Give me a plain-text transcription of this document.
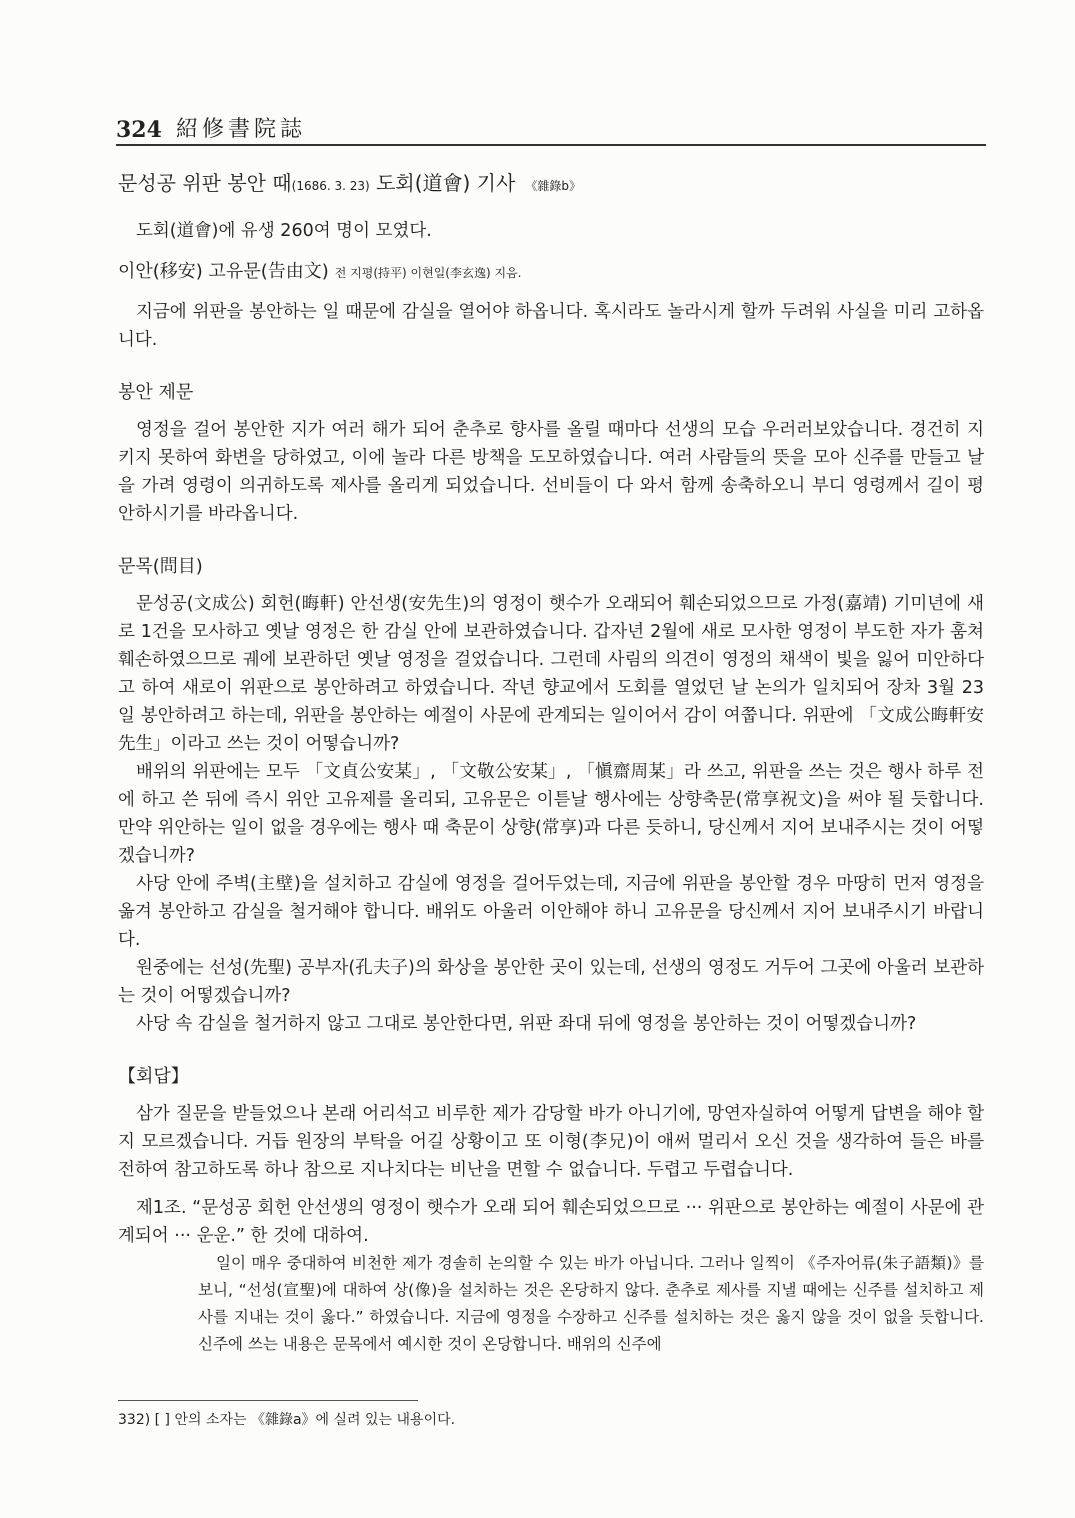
324 紹修書院誌
문성공 위판 봉안 때(1686. 3. 23) 도회(道會) 기사 《雜錄b》

도회(道會)에 유생 260여 명이 모였다.

이안(移安) 고유문(告由文) 전 지평(持平) 이현일(李玄逸) 지음.

지금에 위판을 봉안하는 일 때문에 감실을 열어야 하옵니다. 혹시라도 놀라시게 할까 두려워 사실을 미리 고하옵니다.

봉안 제문

영정을 걸어 봉안한 지가 여러 해가 되어 춘추로 향사를 올릴 때마다 선생의 모습 우러러보았습니다. 경건히 지키지 못하여 화변을 당하였고, 이에 놀라 다른 방책을 도모하였습니다. 여러 사람들의 뜻을 모아 신주를 만들고 날을 가려 영령이 의귀하도록 제사를 올리게 되었습니다. 선비들이 다 와서 함께 송축하오니 부디 영령께서 길이 평안하시기를 바라옵니다.

문목(問目)

문성공(文成公) 회헌(晦軒) 안선생(安先生)의 영정이 햇수가 오래되어 훼손되었으므로 가정(嘉靖) 기미년에 새로 1건을 모사하고 옛날 영정은 한 감실 안에 보관하였습니다. 갑자년 2월에 새로 모사한 영정이 부도한 자가 훔쳐 훼손하였으므로 궤에 보관하던 옛날 영정을 걸었습니다. 그런데 사림의 의견이 영정의 채색이 빛을 잃어 미안하다고 하여 새로이 위판으로 봉안하려고 하였습니다. 작년 향교에서 도회를 열었던 날 논의가 일치되어 장차 3월 23일 봉안하려고 하는데, 위판을 봉안하는 예절이 사문에 관계되는 일이어서 감이 여쭙니다. 위판에 「文成公晦軒安先生」이라고 쓰는 것이 어떻습니까?

배위의 위판에는 모두 「文貞公安某」, 「文敬公安某」, 「愼齋周某」라 쓰고, 위판을 쓰는 것은 행사 하루 전에 하고 쓴 뒤에 즉시 위안 고유제를 올리되, 고유문은 이튿날 행사에는 상향축문(常享祝文)을 써야 될 듯합니다. 만약 위안하는 일이 없을 경우에는 행사 때 축문이 상향(常享)과 다른 듯하니, 당신께서 지어 보내주시는 것이 어떻겠습니까?

사당 안에 주벽(主壁)을 설치하고 감실에 영정을 걸어두었는데, 지금에 위판을 봉안할 경우 마땅히 먼저 영정을 옮겨 봉안하고 감실을 철거해야 합니다. 배위도 아울러 이안해야 하니 고유문을 당신께서 지어 보내주시기 바랍니다.

원중에는 선성(先聖) 공부자(孔夫子)의 화상을 봉안한 곳이 있는데, 선생의 영정도 거두어 그곳에 아울러 보관하는 것이 어떻겠습니까?

사당 속 감실을 철거하지 않고 그대로 봉안한다면, 위판 좌대 뒤에 영정을 봉안하는 것이 어떻겠습니까?

【회답】

삼가 질문을 받들었으나 본래 어리석고 비루한 제가 감당할 바가 아니기에, 망연자실하여 어떻게 답변을 해야 할지 모르겠습니다. 거듭 원장의 부탁을 어길 상황이고 또 이형(李兄)이 애써 멀리서 오신 것을 생각하여 들은 바를 전하여 참고하도록 하나 참으로 지나치다는 비난을 면할 수 없습니다. 두렵고 두렵습니다.

제1조. “문성공 회헌 안선생의 영정이 햇수가 오래 되어 훼손되었으므로 ··· 위판으로 봉안하는 예절이 사문에 관계되어 ··· 운운.” 한 것에 대하여.

일이 매우 중대하여 비천한 제가 경솔히 논의할 수 있는 바가 아닙니다. 그러나 일찍이 《주자어류(朱子語類)》를 보니, “선성(宣聖)에 대하여 상(像)을 설치하는 것은 온당하지 않다. 춘추로 제사를 지낼 때에는 신주를 설치하고 제사를 지내는 것이 옳다.” 하였습니다. 지금에 영정을 수장하고 신주를 설치하는 것은 옳지 않을 것이 없을 듯합니다. 신주에 쓰는 내용은 문목에서 예시한 것이 온당합니다. 배위의 신주에

332) [ ] 안의 소자는 《雜錄a》에 실려 있는 내용이다.
